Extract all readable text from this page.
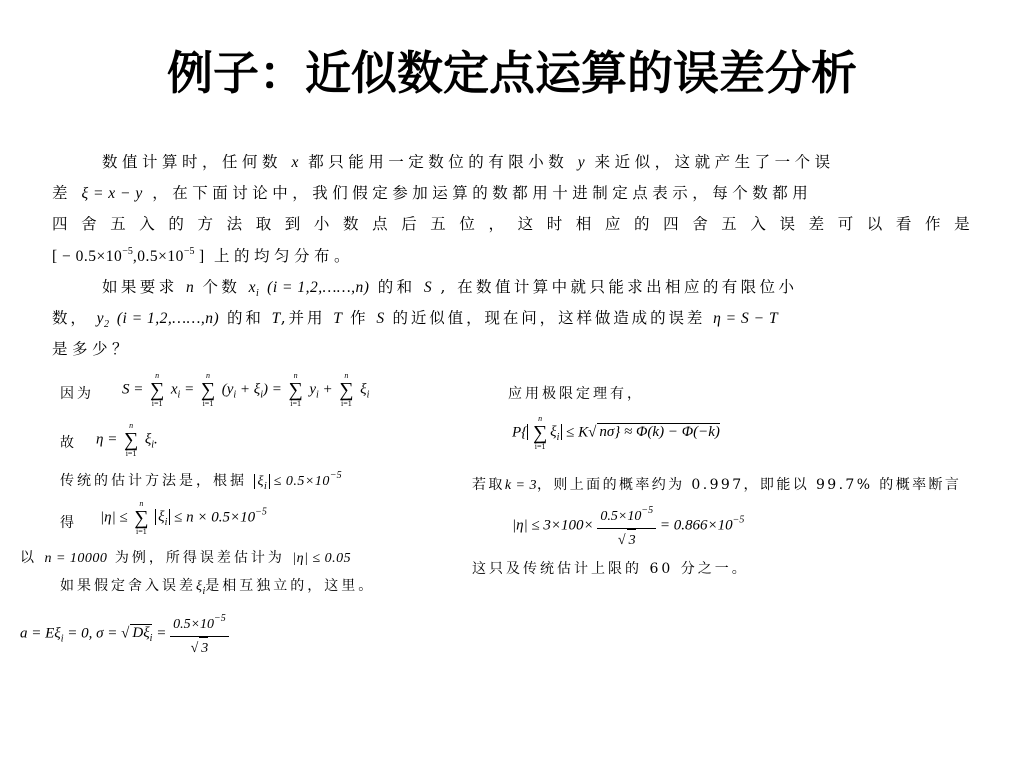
例子：近似数定点运算的误差分析
数值计算时，任何数 x 都只能用一定数位的有限小数 y 来近似，这就产生了一个误
差 ξ = x − y ，在下面讨论中，我们假定参加运算的数都用十进制定点表示，每个数都用
四舍五入的方法取到小数点后五位，这时相应的四舍五入误差可以看作是
[ − $0.5\times 10^{-5},0.5\times 10^{-5}$ ] 上的均匀分布。
如果要求 n 个数 $x_i$ (i = 1,2,……,n) 的和 S , 在数值计算中就只能求出相应的有限位小
数， $y_2$ (i = 1,2,……,n) 的和 T,并用 T 作 S 的近似值，现在问，这样做造成的误差 η = S − T
是多少？
因为 S =
n
∑
i=1
$x_i$ =
n
∑
i=1
$(y_i + \xi_i)$ =
n
∑
i=1
$y_i$ +
n
∑
i=1
$\xi_i$
故 η =
n
∑
i=1
$\xi_i$.
传统的估计方法是，根据 $\xi_i \le 0.5\times 10^{-5}$
得 |η| ≤
n
∑
i=1
$\xi_i \le n \times 0.5\times 10^{-5}$
以 n = 10000 为例，所得误差估计为 |η| ≤ 0.05
如果假定舍入误差$\xi_i$是相互独立的，这里。
$a = E\xi_i = 0$, σ = √ $D\xi_i = \frac{0.5\times 10^{-5}}{√ 3}$
应用极限定理有，
P{
n
∑
i=1
$\xi_i \le K√$ nσ} ≈ Φ(k) − Φ(−k)
若取k = 3，则上面的概率约为 0.997，即能以 99.7% 的概率断言
$|\eta| \le 3\times 100\times \frac{0.5\times 10^{-5}}{√ 3} = 0.866\times 10^{-5}$
这只及传统估计上限的 60 分之一。
